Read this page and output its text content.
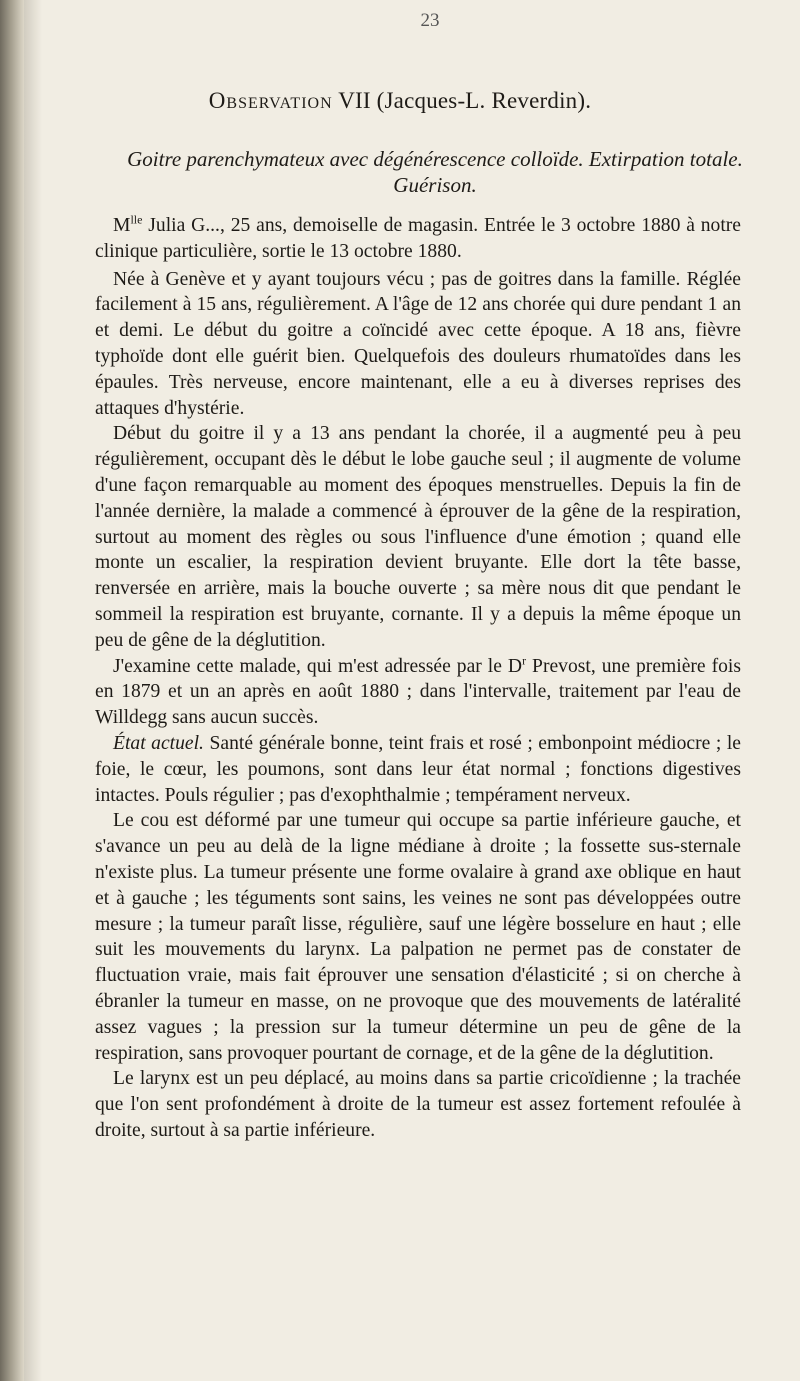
23
Observation VII (Jacques-L. Reverdin).
Goitre parenchymateux avec dégénérescence colloïde. Extirpation totale. Guérison.

$M^{lle}$ Julia G..., 25 ans, demoiselle de magasin. Entrée le 3 octobre 1880 à notre clinique particulière, sortie le 13 octobre 1880.

Née à Genève et y ayant toujours vécu ; pas de goitres dans la famille. Réglée facilement à 15 ans, régulièrement. A l'âge de 12 ans chorée qui dure pendant 1 an et demi. Le début du goitre a coïncidé avec cette époque. A 18 ans, fièvre typhoïde dont elle guérit bien. Quelquefois des douleurs rhumatoïdes dans les épaules. Très nerveuse, encore maintenant, elle a eu à diverses reprises des attaques d'hystérie.

Début du goitre il y a 13 ans pendant la chorée, il a augmenté peu à peu régulièrement, occupant dès le début le lobe gauche seul ; il augmente de volume d'une façon remarquable au moment des époques menstruelles. Depuis la fin de l'année dernière, la malade a commencé à éprouver de la gêne de la respiration, surtout au moment des règles ou sous l'influence d'une émotion ; quand elle monte un escalier, la respiration devient bruyante. Elle dort la tête basse, renversée en arrière, mais la bouche ouverte ; sa mère nous dit que pendant le sommeil la respiration est bruyante, cornante. Il y a depuis la même époque un peu de gêne de la déglutition.

J'examine cette malade, qui m'est adressée par le $D^r$ Prevost, une première fois en 1879 et un an après en août 1880 ; dans l'intervalle, traitement par l'eau de Willdegg sans aucun succès.

État actuel. Santé générale bonne, teint frais et rosé ; embonpoint médiocre ; le foie, le cœur, les poumons, sont dans leur état normal ; fonctions digestives intactes. Pouls régulier ; pas d'exophthalmie ; tempérament nerveux.

Le cou est déformé par une tumeur qui occupe sa partie inférieure gauche, et s'avance un peu au delà de la ligne médiane à droite ; la fossette sus-sternale n'existe plus. La tumeur présente une forme ovalaire à grand axe oblique en haut et à gauche ; les téguments sont sains, les veines ne sont pas développées outre mesure ; la tumeur paraît lisse, régulière, sauf une légère bosselure en haut ; elle suit les mouvements du larynx. La palpation ne permet pas de constater de fluctuation vraie, mais fait éprouver une sensation d'élasticité ; si on cherche à ébranler la tumeur en masse, on ne provoque que des mouvements de latéralité assez vagues ; la pression sur la tumeur détermine un peu de gêne de la respiration, sans provoquer pourtant de cornage, et de la gêne de la déglutition.

Le larynx est un peu déplacé, au moins dans sa partie cricoïdienne ; la trachée que l'on sent profondément à droite de la tumeur est assez fortement refoulée à droite, surtout à sa partie inférieure.
